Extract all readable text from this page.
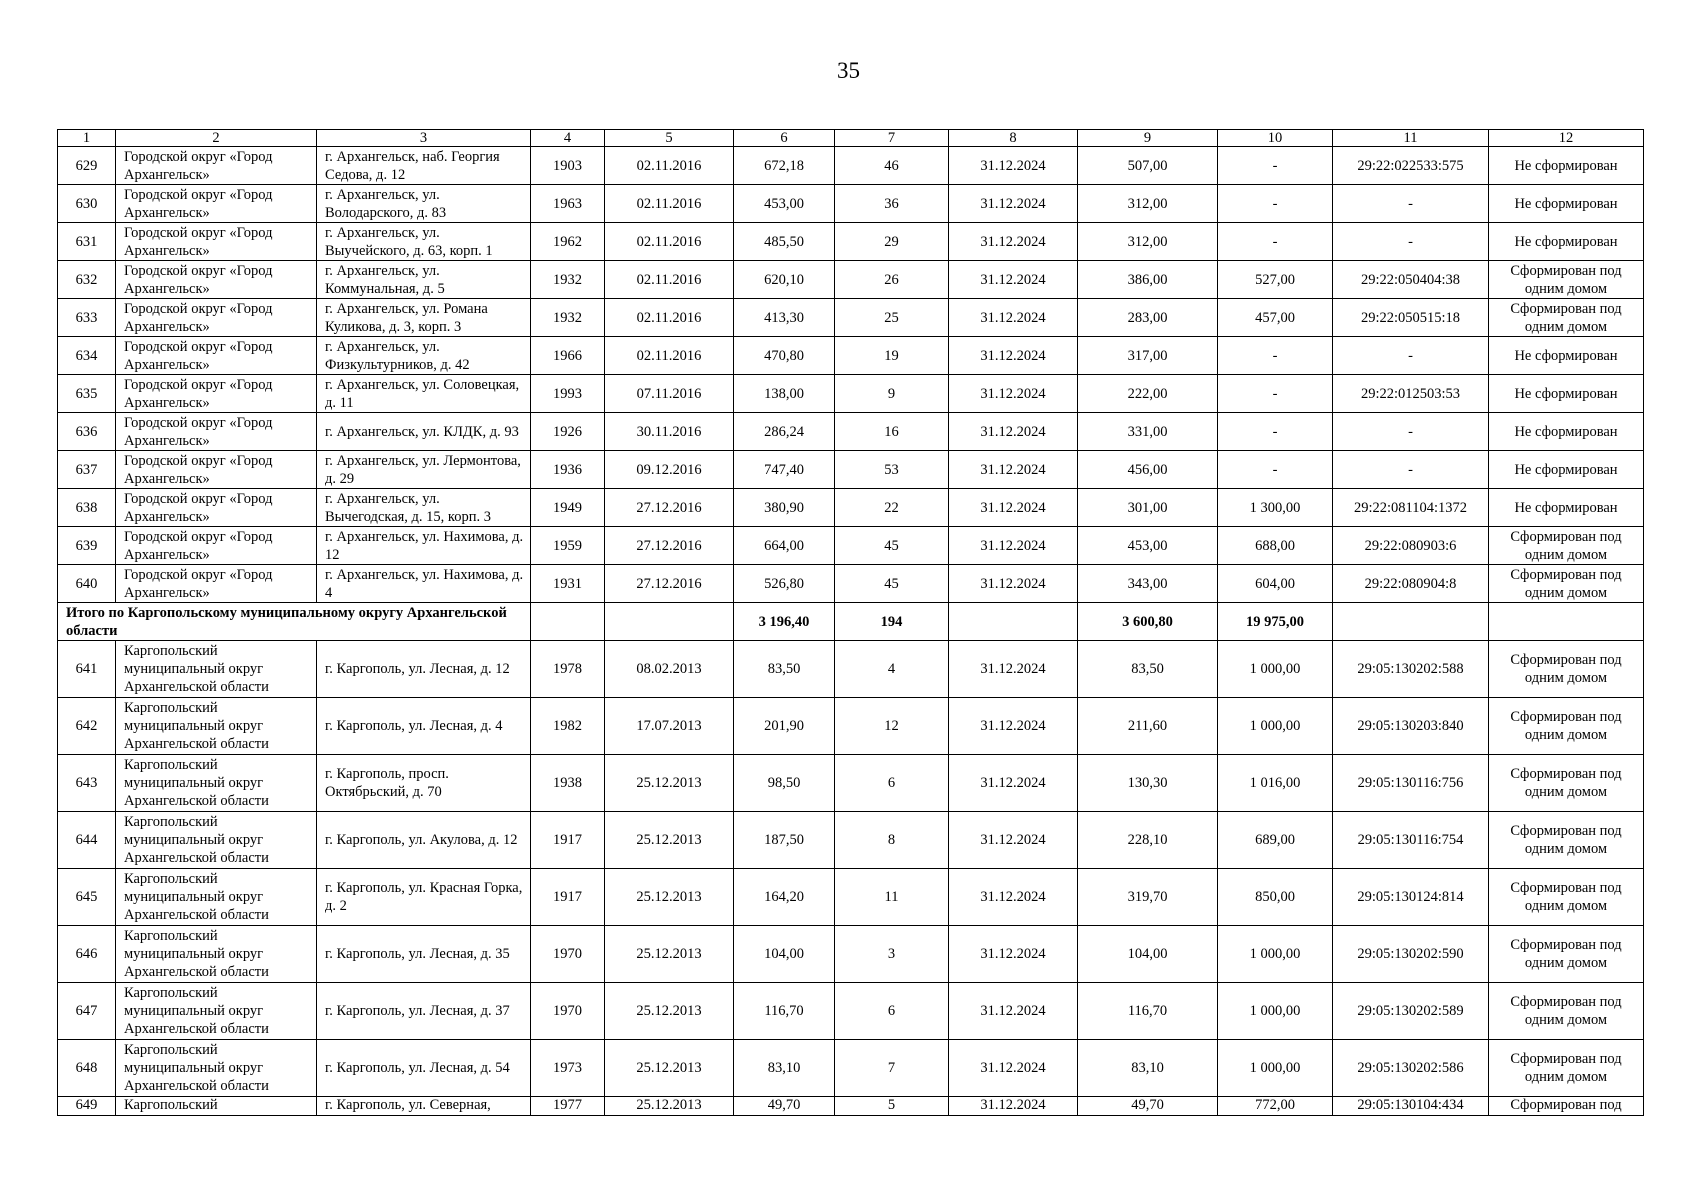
35
1	2	3	4	5	6	7	8	9	10	11	12
629	Городской округ «Город Архангельск»	г. Архангельск, наб. Георгия Седова, д. 12	1903	02.11.2016	672,18	46	31.12.2024	507,00	-	29:22:022533:575	Не сформирован
630	Городской округ «Город Архангельск»	г. Архангельск, ул. Володарского, д. 83	1963	02.11.2016	453,00	36	31.12.2024	312,00	-	-	Не сформирован
631	Городской округ «Город Архангельск»	г. Архангельск, ул. Выучейского, д. 63, корп. 1	1962	02.11.2016	485,50	29	31.12.2024	312,00	-	-	Не сформирован
632	Городской округ «Город Архангельск»	г. Архангельск, ул. Коммунальная, д. 5	1932	02.11.2016	620,10	26	31.12.2024	386,00	527,00	29:22:050404:38	Сформирован под одним домом
633	Городской округ «Город Архангельск»	г. Архангельск, ул. Романа Куликова, д. 3, корп. 3	1932	02.11.2016	413,30	25	31.12.2024	283,00	457,00	29:22:050515:18	Сформирован под одним домом
634	Городской округ «Город Архангельск»	г. Архангельск, ул. Физкультурников, д. 42	1966	02.11.2016	470,80	19	31.12.2024	317,00	-	-	Не сформирован
635	Городской округ «Город Архангельск»	г. Архангельск, ул. Соловецкая, д. 11	1993	07.11.2016	138,00	9	31.12.2024	222,00	-	29:22:012503:53	Не сформирован
636	Городской округ «Город Архангельск»	г. Архангельск, ул. КЛДК, д. 93	1926	30.11.2016	286,24	16	31.12.2024	331,00	-	-	Не сформирован
637	Городской округ «Город Архангельск»	г. Архангельск, ул. Лермонтова, д. 29	1936	09.12.2016	747,40	53	31.12.2024	456,00	-	-	Не сформирован
638	Городской округ «Город Архангельск»	г. Архангельск, ул. Вычегодская, д. 15, корп. 3	1949	27.12.2016	380,90	22	31.12.2024	301,00	1 300,00	29:22:081104:1372	Не сформирован
639	Городской округ «Город Архангельск»	г. Архангельск, ул. Нахимова, д. 12	1959	27.12.2016	664,00	45	31.12.2024	453,00	688,00	29:22:080903:6	Сформирован под одним домом
640	Городской округ «Город Архангельск»	г. Архангельск, ул. Нахимова, д. 4	1931	27.12.2016	526,80	45	31.12.2024	343,00	604,00	29:22:080904:8	Сформирован под одним домом
Итого по Каргопольскому муниципальному округу Архангельской области					3 196,40	194		3 600,80	19 975,00		
641	Каргопольский муниципальный округ Архангельской области	г. Каргополь, ул. Лесная, д. 12	1978	08.02.2013	83,50	4	31.12.2024	83,50	1 000,00	29:05:130202:588	Сформирован под одним домом
642	Каргопольский муниципальный округ Архангельской области	г. Каргополь, ул. Лесная, д. 4	1982	17.07.2013	201,90	12	31.12.2024	211,60	1 000,00	29:05:130203:840	Сформирован под одним домом
643	Каргопольский муниципальный округ Архангельской области	г. Каргополь, просп. Октябрьский, д. 70	1938	25.12.2013	98,50	6	31.12.2024	130,30	1 016,00	29:05:130116:756	Сформирован под одним домом
644	Каргопольский муниципальный округ Архангельской области	г. Каргополь, ул. Акулова, д. 12	1917	25.12.2013	187,50	8	31.12.2024	228,10	689,00	29:05:130116:754	Сформирован под одним домом
645	Каргопольский муниципальный округ Архангельской области	г. Каргополь, ул. Красная Горка, д. 2	1917	25.12.2013	164,20	11	31.12.2024	319,70	850,00	29:05:130124:814	Сформирован под одним домом
646	Каргопольский муниципальный округ Архангельской области	г. Каргополь, ул. Лесная, д. 35	1970	25.12.2013	104,00	3	31.12.2024	104,00	1 000,00	29:05:130202:590	Сформирован под одним домом
647	Каргопольский муниципальный округ Архангельской области	г. Каргополь, ул. Лесная, д. 37	1970	25.12.2013	116,70	6	31.12.2024	116,70	1 000,00	29:05:130202:589	Сформирован под одним домом
648	Каргопольский муниципальный округ Архангельской области	г. Каргополь, ул. Лесная, д. 54	1973	25.12.2013	83,10	7	31.12.2024	83,10	1 000,00	29:05:130202:586	Сформирован под одним домом
649	Каргопольский	г. Каргополь, ул. Северная,	1977	25.12.2013	49,70	5	31.12.2024	49,70	772,00	29:05:130104:434	Сформирован под
